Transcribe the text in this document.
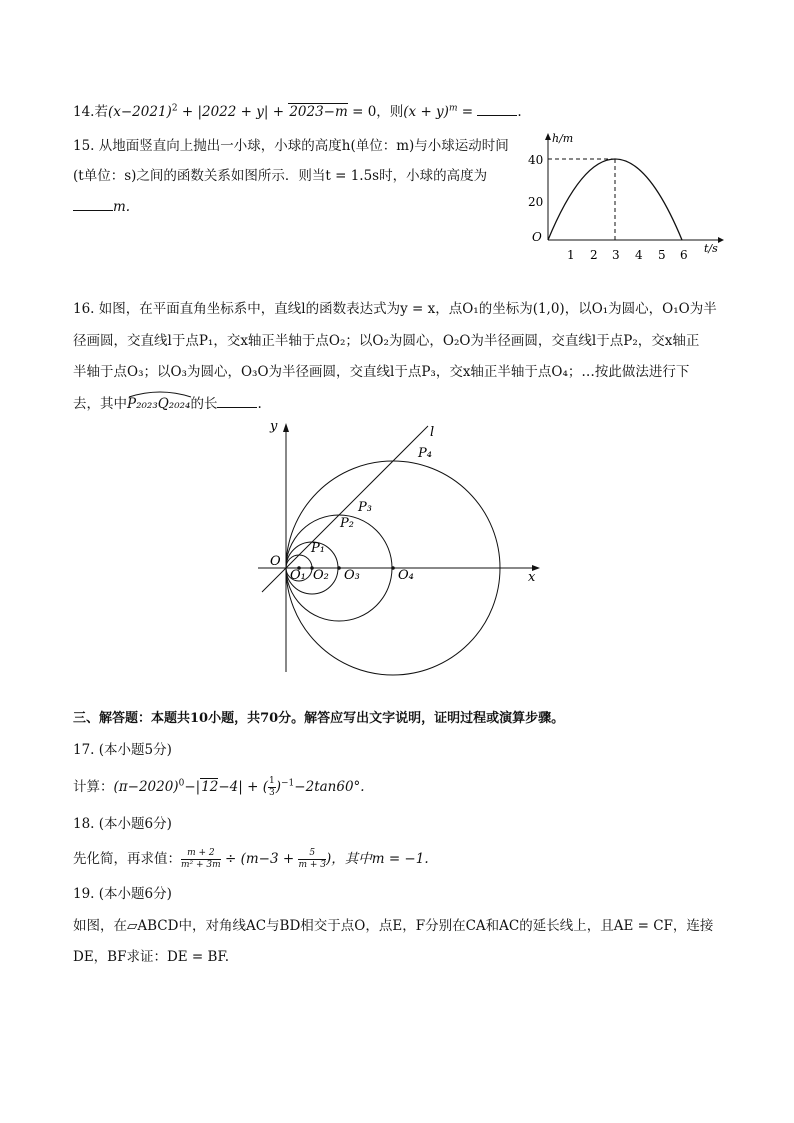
14.若$(x-2021)^2 + |2022 + y| + 2023-m = 0$，则$(x + y)^m$ =	.
15. 从地面竖直向上抛出一小球，小球的高度h(单位：m)与小球运动时间
(t单位：s)之间的函数关系如图所示．则当t = 1.5s时，小球的高度为
m.
h/m
t/s
O
40
20
1 2 3 4 5 6
16. 如图，在平面直角坐标系中，直线l的函数表达式为y = x，点O₁的坐标为(1,0)，以O₁为圆心，O₁O为半
径画圆，交直线l于点P₁，交x轴正半轴于点O₂；以O₂为圆心，O₂O为半径画圆，交直线l于点P₂，交x轴正
半轴于点O₃；以O₃为圆心，O₃O为半径画圆，交直线l于点P₃，交x轴正半轴于点O₄；…按此做法进行下
去，其中
P₂₀₂₃Q₂₀₂₄的长	.
x
y	l
O
O₁ O₂ O₃	O₄
P₁
P₂
P₃
P₄
三、解答题：本题共10小题，共70分。解答应写出文字说明，证明过程或演算步骤。
17. (本小题5分)
计算：$(\pi-2020)^0-|12-4|$ + ( $\frac{1}{3} )^{-1}-2\tan 60^\circ$.
18. (本小题6分)
先化简，再求值： $\frac{m + 2}{\text{m² + 3m}} \div (m-3 + \frac{5}{m + 3}$ )，其中m = −1.
19. (本小题6分)
如图，在▱ABCD中，对角线AC与BD相交于点O，点E，F分别在CA和AC的延长线上，且AE = CF，连接
DE，BF求证：DE = BF.
